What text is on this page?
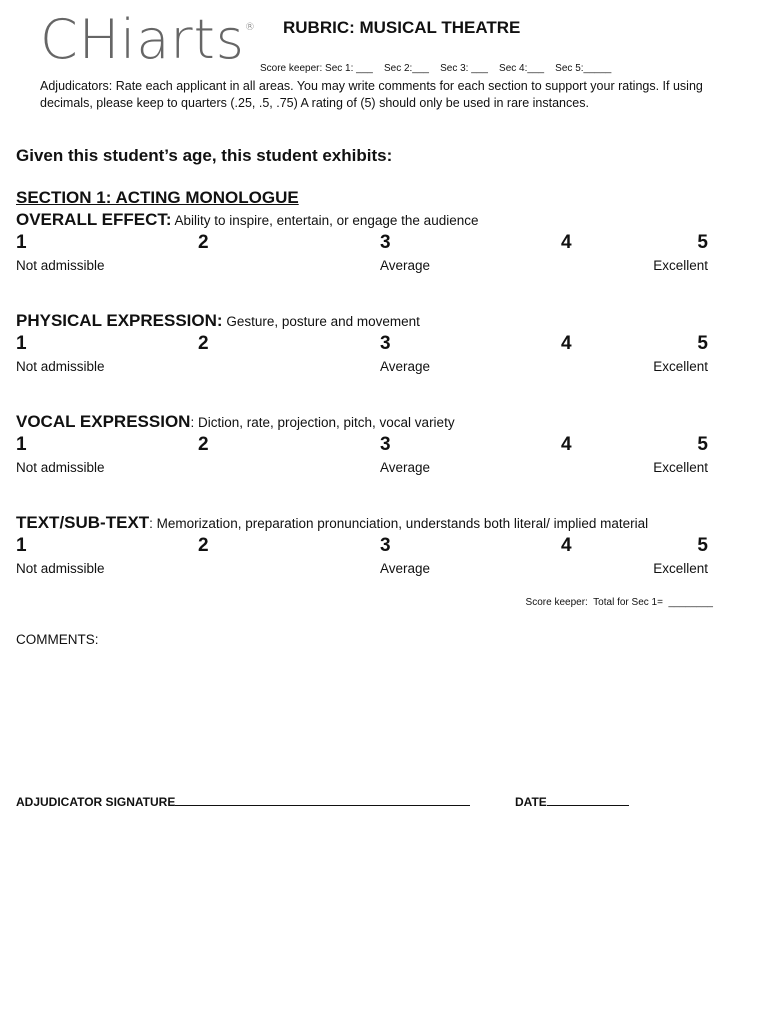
CHiarts® RUBRIC: MUSICAL THEATRE
Score keeper: Sec 1: ___    Sec 2:___    Sec 3: ___    Sec 4:___    Sec 5:_____
Adjudicators: Rate each applicant in all areas. You may write comments for each section to support your ratings. If using decimals, please keep to quarters (.25, .5, .75) A rating of (5) should only be used in rare instances.
Given this student’s age, this student exhibits:
SECTION 1: ACTING MONOLOGUE
OVERALL EFFECT: Ability to inspire, entertain, or engage the audience
1	2	3	4	5
Not admissible	Average	Excellent
PHYSICAL EXPRESSION: Gesture, posture and movement
1	2	3	4	5
Not admissible	Average	Excellent
VOCAL EXPRESSION: Diction, rate, projection, pitch, vocal variety
1	2	3	4	5
Not admissible	Average	Excellent
TEXT/SUB-TEXT: Memorization, preparation pronunciation, understands both literal/ implied material
1	2	3	4	5
Not admissible	Average	Excellent
Score keeper:  Total for Sec 1=  ________
COMMENTS:
ADJUDICATOR SIGNATURE	DATE
